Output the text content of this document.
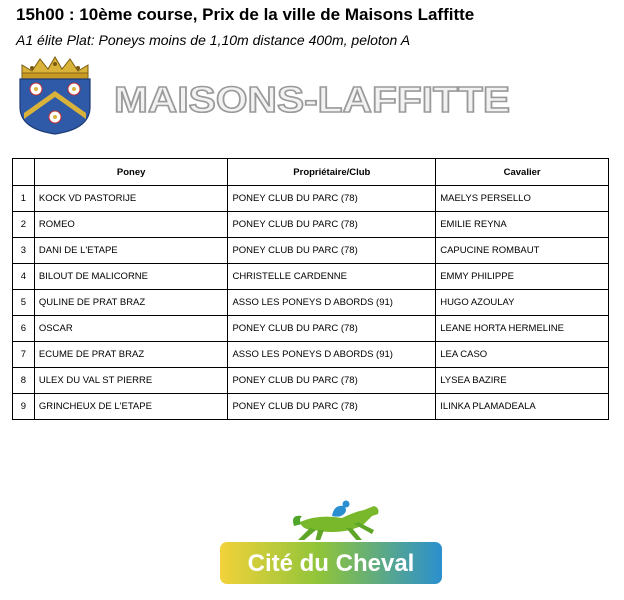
15h00 : 10ème course, Prix de la ville de Maisons Laffitte
A1 élite Plat: Poneys moins de 1,10m distance 400m, peloton A
MAISONS-LAFFITTE
	Poney	Propriétaire/Club	Cavalier
1	KOCK VD PASTORIJE	PONEY CLUB DU PARC (78)	MAELYS PERSELLO
2	ROMEO	PONEY CLUB DU PARC (78)	EMILIE REYNA
3	DANI DE L'ETAPE	PONEY CLUB DU PARC (78)	CAPUCINE ROMBAUT
4	BILOUT DE MALICORNE	CHRISTELLE CARDENNE	EMMY PHILIPPE
5	QULINE DE PRAT BRAZ	ASSO LES PONEYS D ABORDS (91)	HUGO AZOULAY
6	OSCAR	PONEY CLUB DU PARC (78)	LEANE HORTA HERMELINE
7	ECUME DE PRAT BRAZ	ASSO LES PONEYS D ABORDS (91)	LEA CASO
8	ULEX DU VAL ST PIERRE	PONEY CLUB DU PARC (78)	LYSEA BAZIRE
9	GRINCHEUX DE L'ETAPE	PONEY CLUB DU PARC (78)	ILINKA PLAMADEALA
Cité du Cheval
